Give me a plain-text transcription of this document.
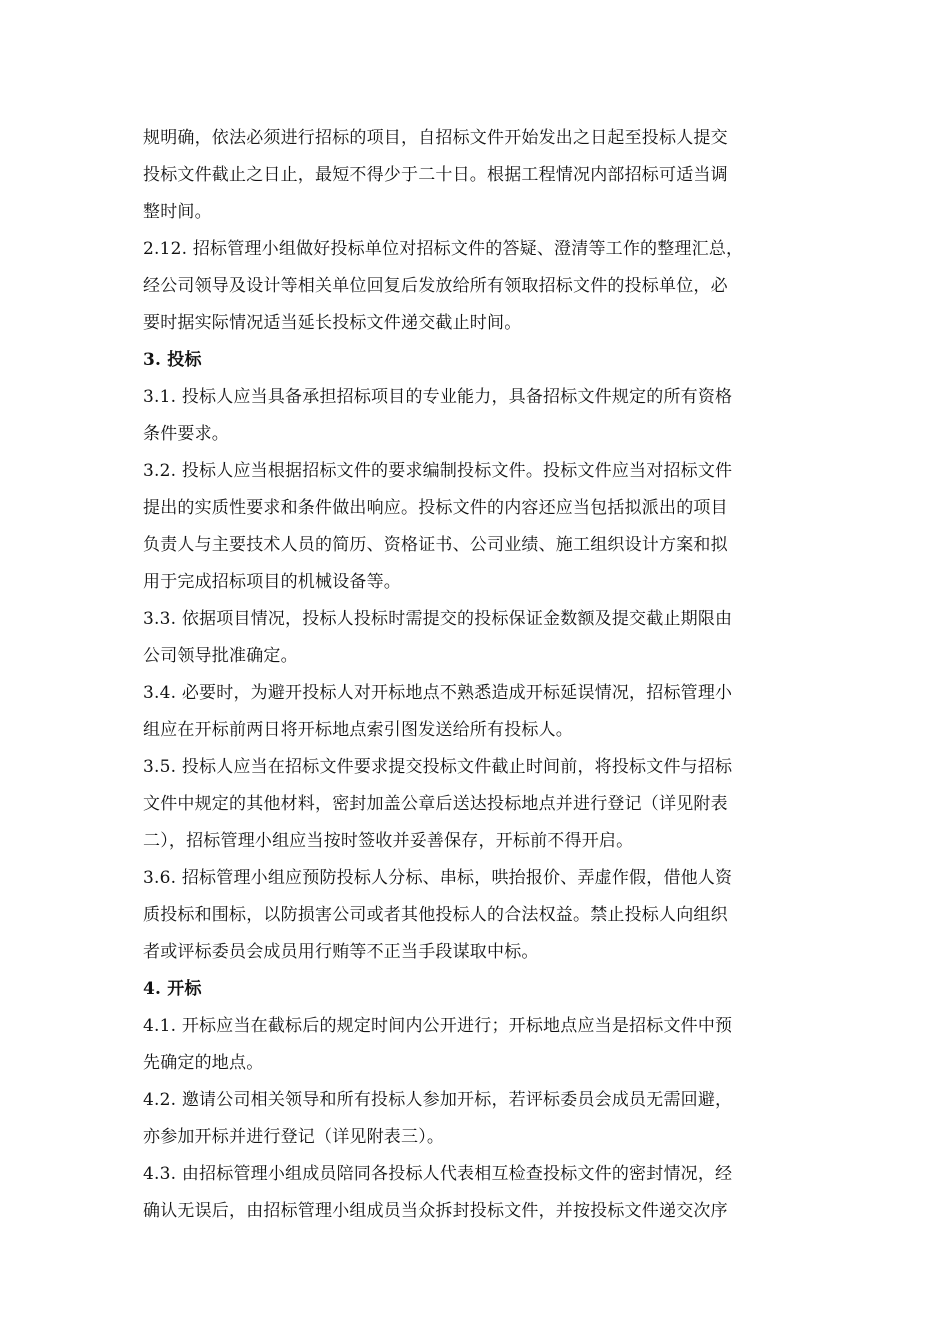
规明确，依法必须进行招标的项目，自招标文件开始发出之日起至投标人提交
投标文件截止之日止，最短不得少于二十日。根据工程情况内部招标可适当调
整时间。
2.12. 招标管理小组做好投标单位对招标文件的答疑、澄清等工作的整理汇总，
经公司领导及设计等相关单位回复后发放给所有领取招标文件的投标单位，必
要时据实际情况适当延长投标文件递交截止时间。
3. 投标
3.1. 投标人应当具备承担招标项目的专业能力，具备招标文件规定的所有资格
条件要求。
3.2. 投标人应当根据招标文件的要求编制投标文件。投标文件应当对招标文件
提出的实质性要求和条件做出响应。投标文件的内容还应当包括拟派出的项目
负责人与主要技术人员的简历、资格证书、公司业绩、施工组织设计方案和拟
用于完成招标项目的机械设备等。
3.3. 依据项目情况，投标人投标时需提交的投标保证金数额及提交截止期限由
公司领导批准确定。
3.4. 必要时，为避开投标人对开标地点不熟悉造成开标延误情况，招标管理小
组应在开标前两日将开标地点索引图发送给所有投标人。
3.5. 投标人应当在招标文件要求提交投标文件截止时间前，将投标文件与招标
文件中规定的其他材料，密封加盖公章后送达投标地点并进行登记（详见附表
二），招标管理小组应当按时签收并妥善保存，开标前不得开启。
3.6. 招标管理小组应预防投标人分标、串标，哄抬报价、弄虚作假，借他人资
质投标和围标，以防损害公司或者其他投标人的合法权益。禁止投标人向组织
者或评标委员会成员用行贿等不正当手段谋取中标。
4. 开标
4.1. 开标应当在截标后的规定时间内公开进行；开标地点应当是招标文件中预
先确定的地点。
4.2. 邀请公司相关领导和所有投标人参加开标，若评标委员会成员无需回避，
亦参加开标并进行登记（详见附表三）。
4.3. 由招标管理小组成员陪同各投标人代表相互检查投标文件的密封情况，经
确认无误后，由招标管理小组成员当众拆封投标文件，并按投标文件递交次序
